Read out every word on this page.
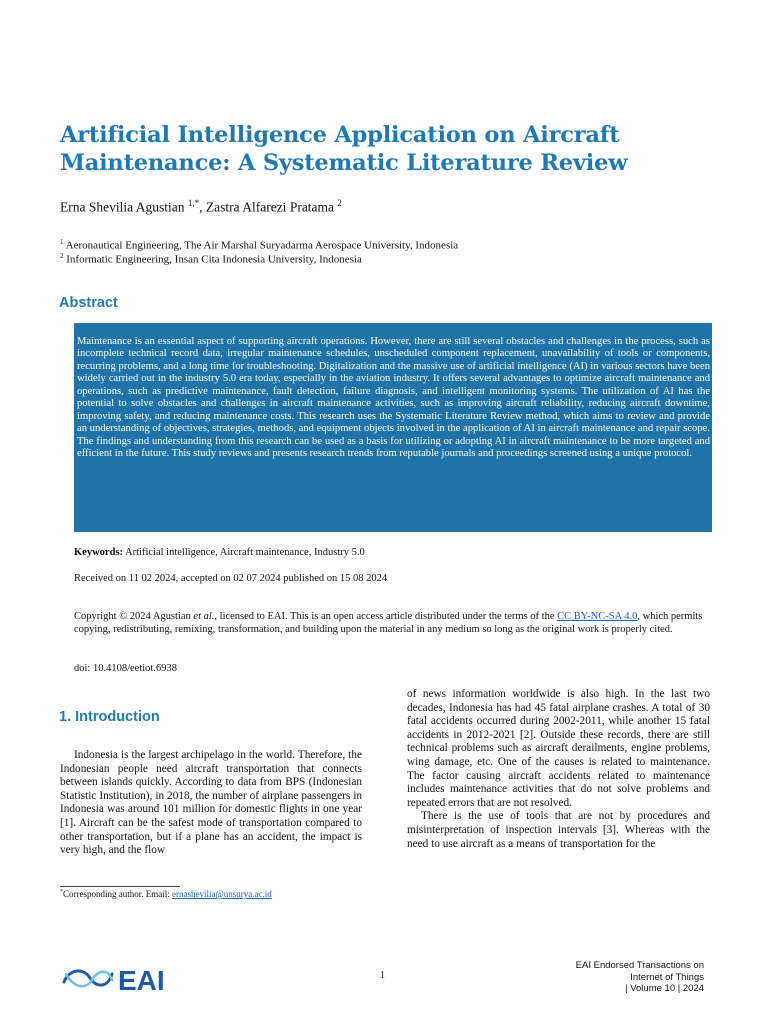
Artificial Intelligence Application on Aircraft
Maintenance: A Systematic Literature Review
Erna Shevilia Agustian $^{1,*}$, Zastra Alfarezi Pratama $^2$
$^1$ Aeronautical Engineering, The Air Marshal Suryadarma Aerospace University, Indonesia
$^2$ Informatic Engineering, Insan Cita Indonesia University, Indonesia
Abstract

Maintenance is an essential aspect of supporting aircraft operations. However, there are still several obstacles and challenges in the process, such as incomplete technical record data, irregular maintenance schedules, unscheduled component replacement, unavailability of tools or components, recurring problems, and a long time for troubleshooting. Digitalization and the massive use of artificial intelligence (AI) in various sectors have been widely carried out in the industry 5.0 era today, especially in the aviation industry. It offers several advantages to optimize aircraft maintenance and operations, such as predictive maintenance, fault detection, failure diagnosis, and intelligent monitoring systems. The utilization of AI has the potential to solve obstacles and challenges in aircraft maintenance activities, such as improving aircraft reliability, reducing aircraft downtime, improving safety, and reducing maintenance costs. This research uses the Systematic Literature Review method, which aims to review and provide an understanding of objectives, strategies, methods, and equipment objects involved in the application of AI in aircraft maintenance and repair scope. The findings and understanding from this research can be used as a basis for utilizing or adopting AI in aircraft maintenance to be more targeted and efficient in the future. This study reviews and presents research trends from reputable journals and proceedings screened using a unique protocol.

Keywords: Artificial intelligence, Aircraft maintenance, Industry 5.0
Received on 11 02 2024, accepted on 02 07 2024 published on 15 08 2024
Copyright © 2024 Agustian et al., licensed to EAI. This is an open access article distributed under the terms of the CC BY-NC-SA 4.0, which permits copying, redistributing, remixing, transformation, and building upon the material in any medium so long as the original work is properly cited.
doi: 10.4108/eetiot.6938
1. Introduction

Indonesia is the largest archipelago in the world. Therefore, the Indonesian people need aircraft transportation that connects between islands quickly. According to data from BPS (Indonesian Statistic Institution), in 2018, the number of airplane passengers in Indonesia was around 101 million for domestic flights in one year [1]. Aircraft can be the safest mode of transportation compared to other transportation, but if a plane has an accident, the impact is very high, and the flow

of news information worldwide is also high. In the last two decades, Indonesia has had 45 fatal airplane crashes. A total of 30 fatal accidents occurred during 2002-2011, while another 15 fatal accidents in 2012-2021 [2]. Outside these records, there are still technical problems such as aircraft derailments, engine problems, wing damage, etc. One of the causes is related to maintenance. The factor causing aircraft accidents related to maintenance includes maintenance activities that do not solve problems and repeated errors that are not resolved.

There is the use of tools that are not by procedures and misinterpretation of inspection intervals [3]. Whereas with the need to use aircraft as a means of transportation for the

*Corresponding author. Email: ernashevilia@unsurya.ac.id
EAI	1
EAI Endorsed Transactions on
Internet of Things
| Volume 10 | 2024
